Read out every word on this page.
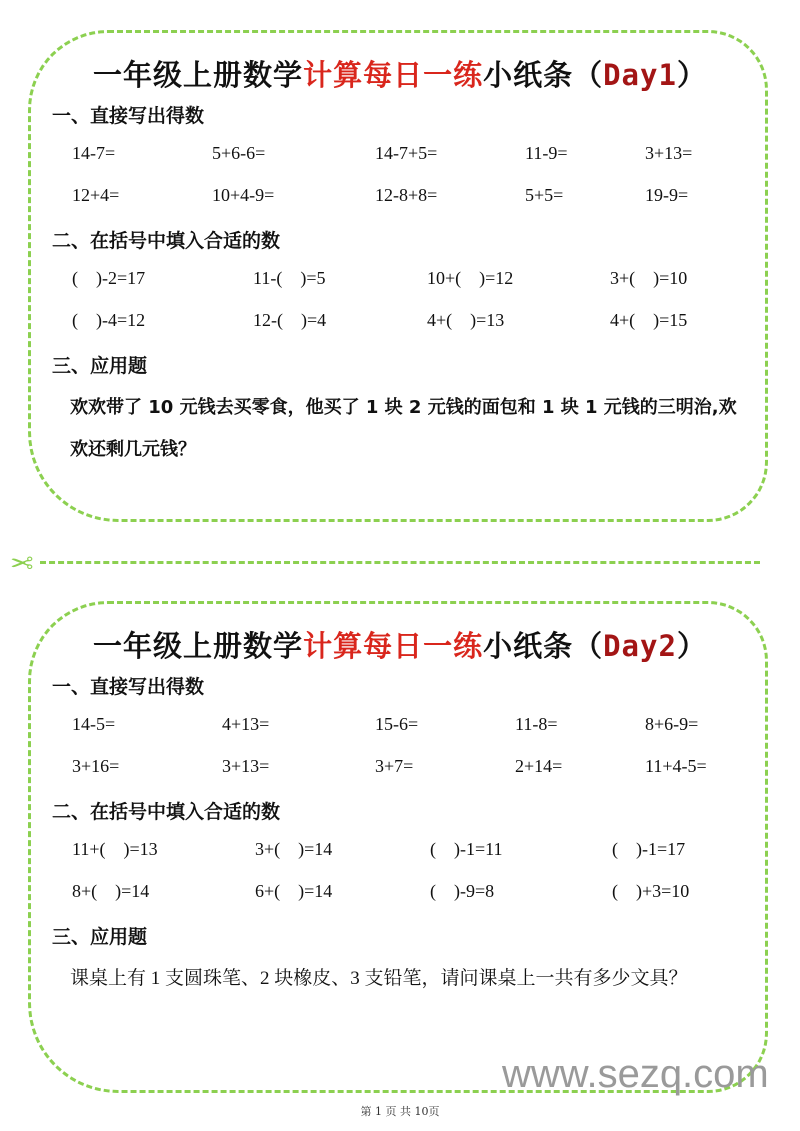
一年级上册数学计算每日一练小纸条（Day1）
一、直接写出得数
14-7=	5+6-6=	14-7+5=	11-9=	3+13=
12+4=	10+4-9=	12-8+8=	5+5=	19-9=
二、在括号中填入合适的数
(    )-2=17	11-(    )=5	10+(    )=12	3+(    )=10
(    )-4=12	12-(    )=4	4+(    )=13	4+(    )=15
三、应用题
欢欢带了 10 元钱去买零食，他买了 1 块 2 元钱的面包和 1 块 1 元钱的三明治,欢欢还剩几元钱？
一年级上册数学计算每日一练小纸条（Day2）
一、直接写出得数
14-5=	4+13=	15-6=	11-8=	8+6-9=
3+16=	3+13=	3+7=	2+14=	11+4-5=
二、在括号中填入合适的数
11+(    )=13	3+(    )=14	(    )-1=11	(    )-1=17
8+(    )=14	6+(    )=14	(    )-9=8	(    )+3=10
三、应用题
课桌上有 1 支圆珠笔、2 块橡皮、3 支铅笔，请问课桌上一共有多少文具？
✂
www.sezq.com
第 1 页 共 10页
